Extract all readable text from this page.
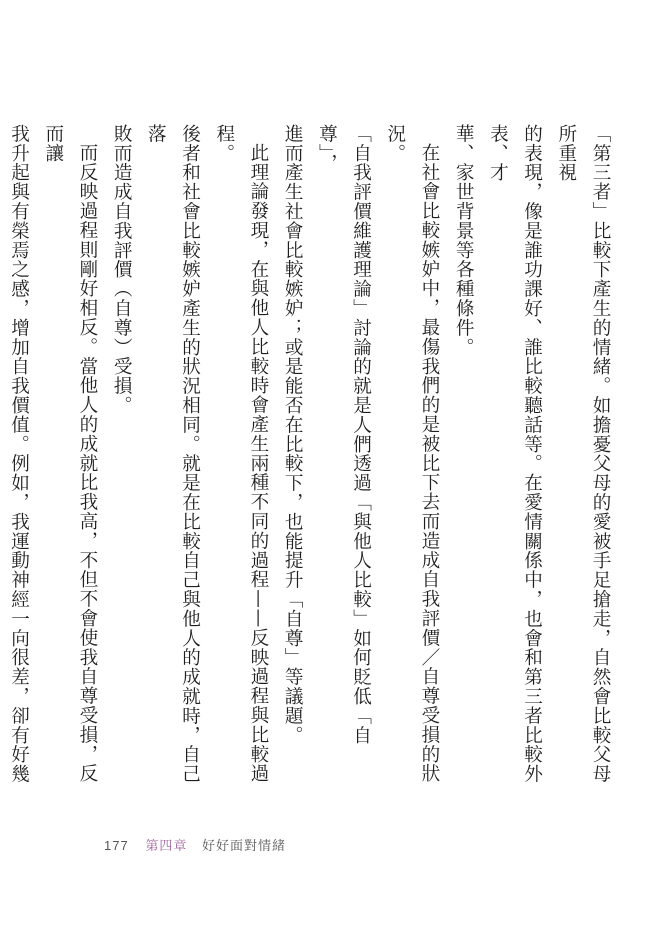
「第三者」比較下產生的情緒。如擔憂父母的愛被手足搶走，自然會比較父母所重視
的表現，像是誰功課好、誰比較聽話等。在愛情關係中，也會和第三者比較外表、才
華、家世背景等各種條件。

在社會比較嫉妒中，最傷我們的是被比下去而造成自我評價／自尊受損的狀況。
「自我評價維護理論」討論的就是人們透過「與他人比較」如何貶低「自尊」，
進而產生社會比較嫉妒；或是能否在比較下，也能提升「自尊」等議題。

此理論發現，在與他人比較時會產生兩種不同的過程——反映過程與比較過程。
後者和社會比較嫉妒產生的狀況相同。就是在比較自己與他人的成就時，自己落
敗而造成自我評價（自尊）受損。

而反映過程則剛好相反。當他人的成就比我高，不但不會使我自尊受損，反而讓
我升起與有榮焉之感，增加自我價值。例如，我運動神經一向很差，卻有好幾

177 第四章 好好面對情緒
